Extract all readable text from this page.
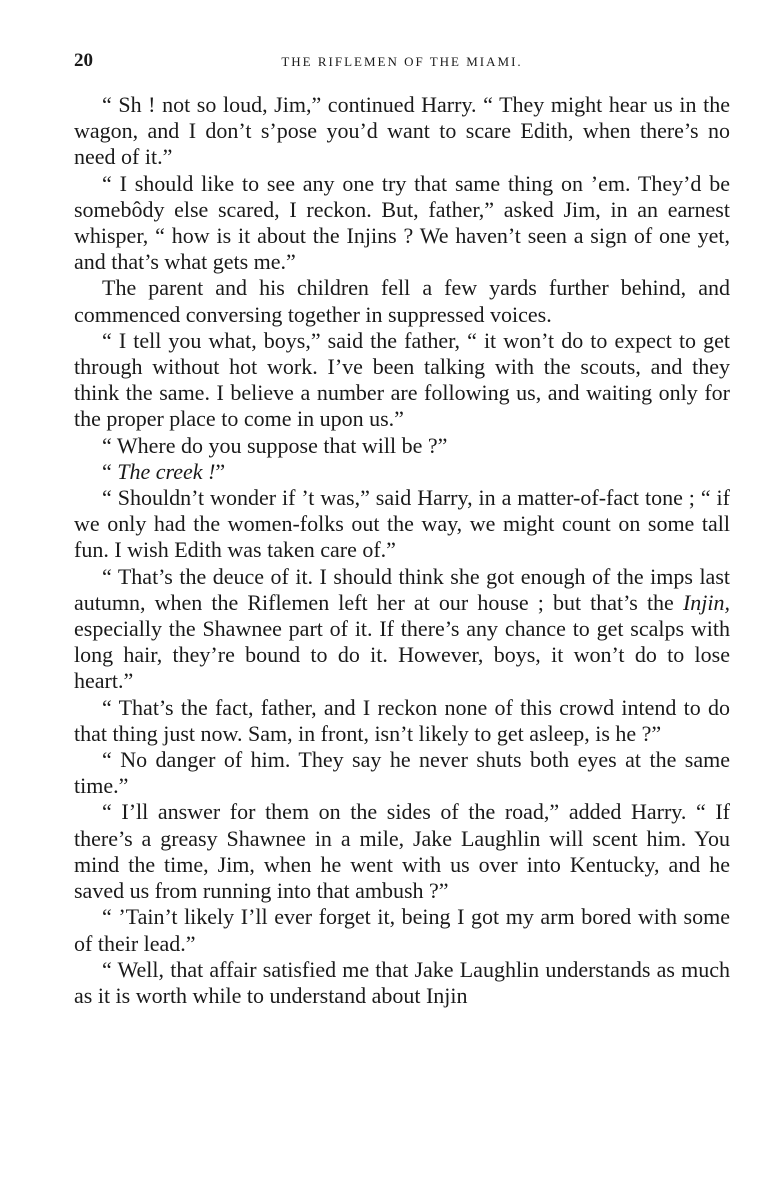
20	THE RIFLEMEN OF THE MIAMI.

“ Sh ! not so loud, Jim,” continued Harry. “ They might hear us in the wagon, and I don’t s’pose you’d want to scare Edith, when there’s no need of it.”

“ I should like to see any one try that same thing on ’em. They’d be somebôdy else scared, I reckon. But, father,” asked Jim, in an earnest whisper, “ how is it about the Injins ? We haven’t seen a sign of one yet, and that’s what gets me.”

The parent and his children fell a few yards further behind, and commenced conversing together in suppressed voices.

“ I tell you what, boys,” said the father, “ it won’t do to expect to get through without hot work. I’ve been talking with the scouts, and they think the same. I believe a number are following us, and waiting only for the proper place to come in upon us.”

“ Where do you suppose that will be ?”

“ The creek !”

“ Shouldn’t wonder if ’t was,” said Harry, in a matter-of-fact tone ; “ if we only had the women-folks out the way, we might count on some tall fun. I wish Edith was taken care of.”

“ That’s the deuce of it. I should think she got enough of the imps last autumn, when the Riflemen left her at our house ; but that’s the Injin, especially the Shawnee part of it. If there’s any chance to get scalps with long hair, they’re bound to do it. However, boys, it won’t do to lose heart.”

“ That’s the fact, father, and I reckon none of this crowd intend to do that thing just now. Sam, in front, isn’t likely to get asleep, is he ?”

“ No danger of him. They say he never shuts both eyes at the same time.”

“ I’ll answer for them on the sides of the road,” added Harry. “ If there’s a greasy Shawnee in a mile, Jake Laughlin will scent him. You mind the time, Jim, when he went with us over into Kentucky, and he saved us from running into that ambush ?”

“ ’Tain’t likely I’ll ever forget it, being I got my arm bored with some of their lead.”

“ Well, that affair satisfied me that Jake Laughlin understands as much as it is worth while to understand about Injin
